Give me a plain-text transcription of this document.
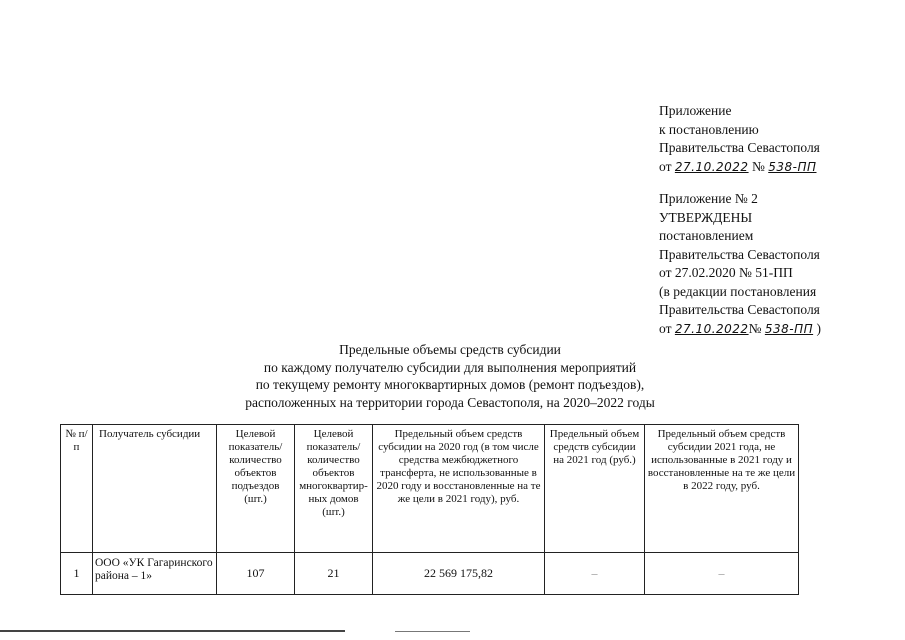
Приложение
к постановлению
Правительства Севастополя
от 27.10.2022 № 538-ПП
Приложение № 2
УТВЕРЖДЕНЫ
постановлением
Правительства Севастополя
от 27.02.2020 № 51-ПП
(в редакции постановления
Правительства Севастополя
от 27.10.2022№ 538-ПП )
Предельные объемы средств субсидии
по каждому получателю субсидии для выполнения мероприятий
по текущему ремонту многоквартирных домов (ремонт подъездов),
расположенных на территории города Севастополя, на 2020–2022 годы
№ п/п	Получатель субсидии	Целевой показатель/ количество объектов подъездов (шт.)	Целевой показатель/ количество объектов многоквартир-ных домов (шт.)	Предельный объем средств субсидии на 2020 год (в том числе средства межбюджетного трансферта, не использованные в 2020 году и восстановленные на те же цели в 2021 году), руб.	Предельный объем средств субсидии на 2021 год (руб.)	Предельный объем средств субсидии 2021 года, не использованные в 2021 году и восстановленные на те же цели в 2022 году, руб.
1	ООО «УК Гагаринского района – 1»	107	21	22 569 175,82	–	–
